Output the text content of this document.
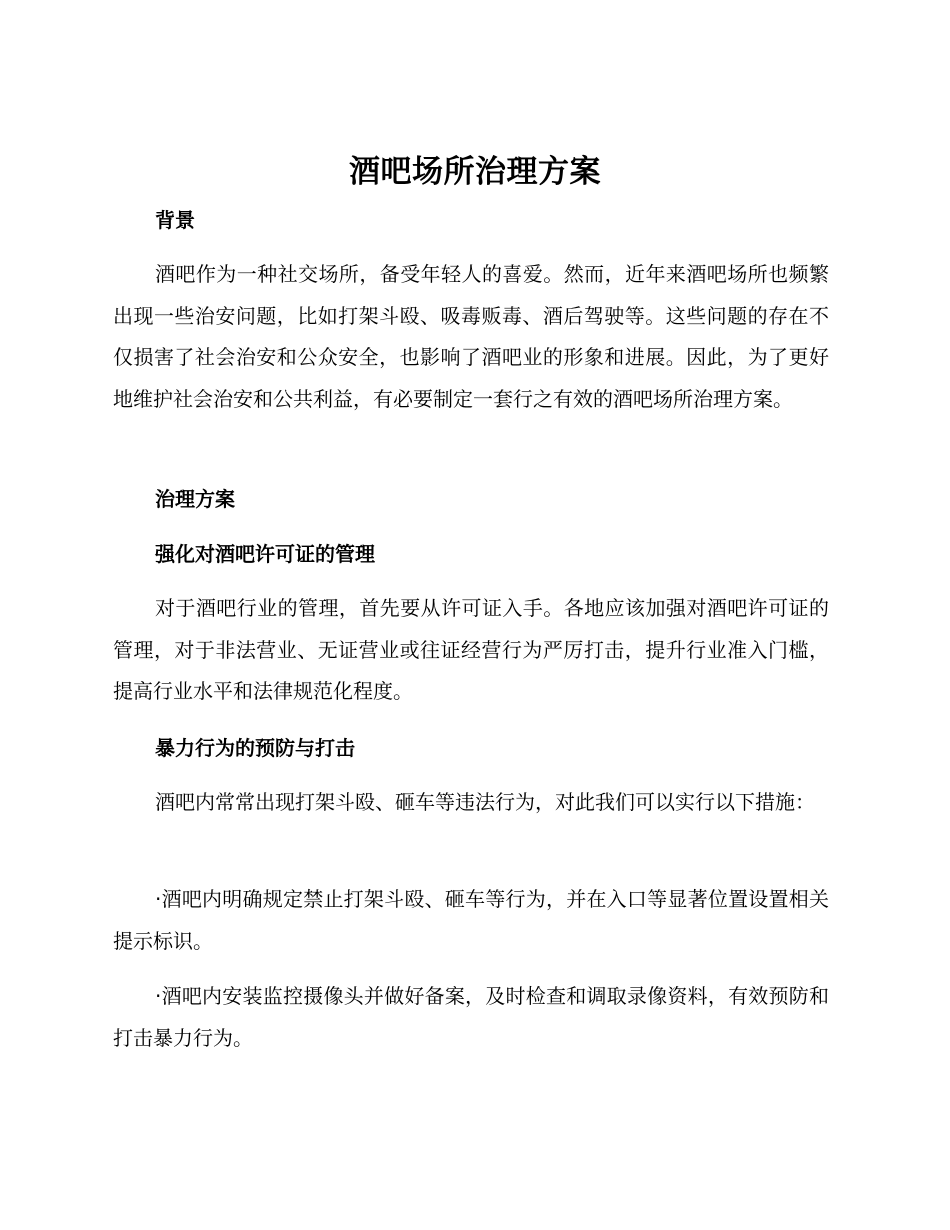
酒吧场所治理方案
背景

酒吧作为一种社交场所，备受年轻人的喜爱。然而，近年来酒吧场所也频繁出现一些治安问题，比如打架斗殴、吸毒贩毒、酒后驾驶等。这些问题的存在不仅损害了社会治安和公众安全，也影响了酒吧业的形象和进展。因此，为了更好地维护社会治安和公共利益，有必要制定一套行之有效的酒吧场所治理方案。

治理方案
强化对酒吧许可证的管理

对于酒吧行业的管理，首先要从许可证入手。各地应该加强对酒吧许可证的管理，对于非法营业、无证营业或往证经营行为严厉打击，提升行业准入门槛，提高行业水平和法律规范化程度。

暴力行为的预防与打击

酒吧内常常出现打架斗殴、砸车等违法行为，对此我们可以实行以下措施：

·酒吧内明确规定禁止打架斗殴、砸车等行为，并在入口等显著位置设置相关提示标识。

·酒吧内安装监控摄像头并做好备案，及时检查和调取录像资料，有效预防和打击暴力行为。
